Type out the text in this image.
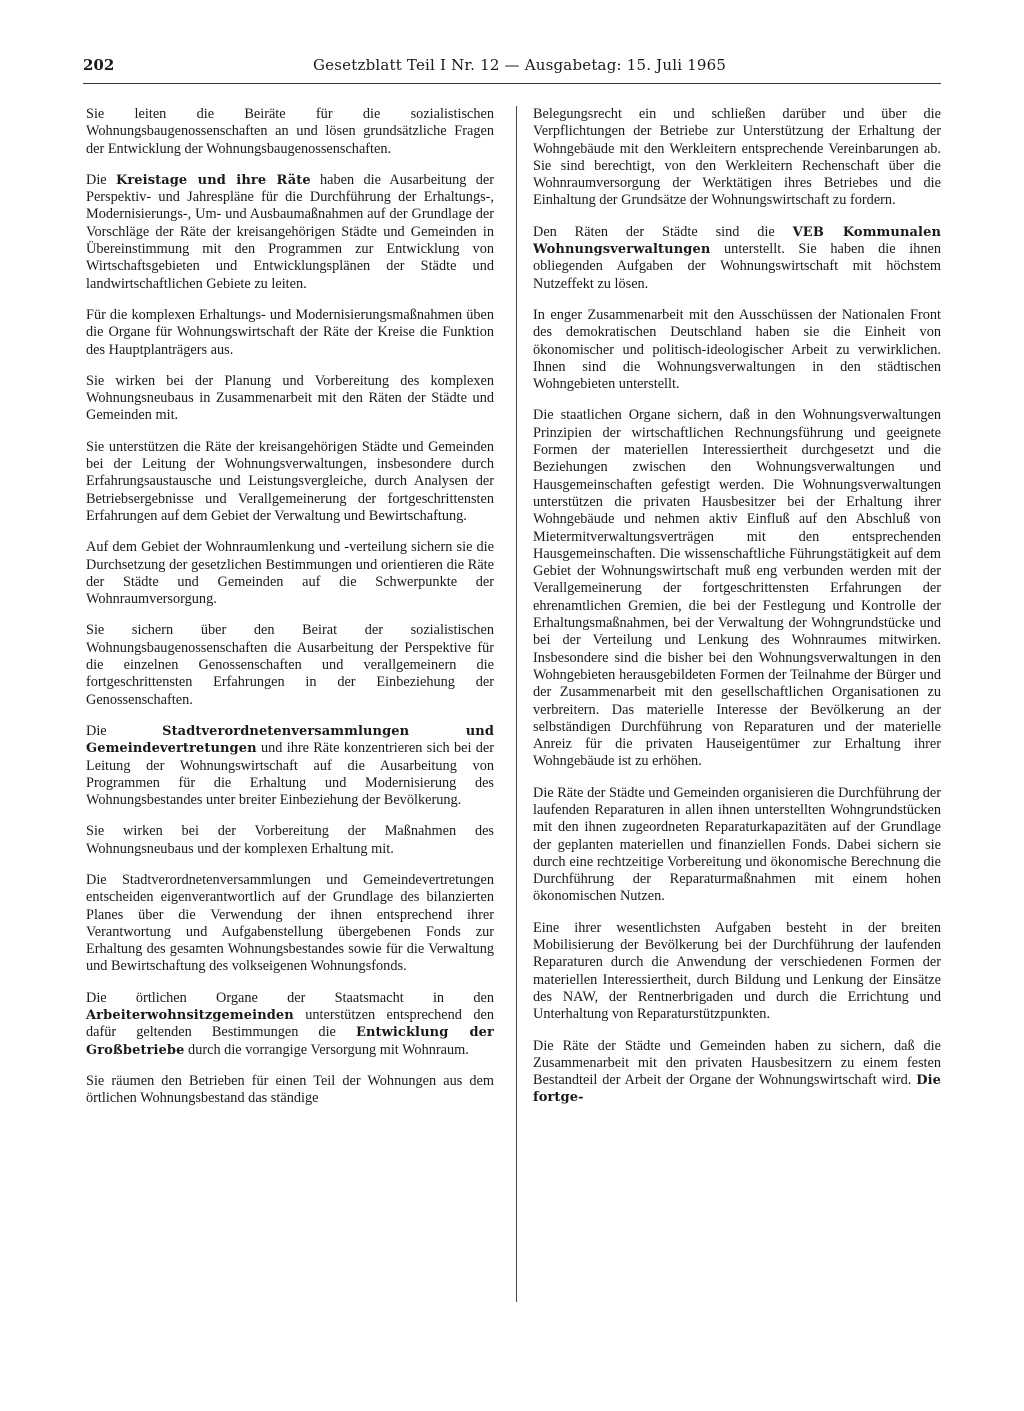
202	Gesetzblatt Teil I Nr. 12 — Ausgabetag: 15. Juli 1965

Sie leiten die Beiräte für die sozialistischen Wohnungsbaugenossenschaften an und lösen grundsätzliche Fragen der Entwicklung der Wohnungsbaugenossenschaften.

Die Kreistage und ihre Räte haben die Ausarbeitung der Perspektiv- und Jahrespläne für die Durchführung der Erhaltungs-, Modernisierungs-, Um- und Ausbaumaßnahmen auf der Grundlage der Vorschläge der Räte der kreisangehörigen Städte und Gemeinden in Übereinstimmung mit den Programmen zur Entwicklung von Wirtschaftsgebieten und Entwicklungsplänen der Städte und landwirtschaftlichen Gebiete zu leiten.

Für die komplexen Erhaltungs- und Modernisierungsmaßnahmen üben die Organe für Wohnungswirtschaft der Räte der Kreise die Funktion des Hauptplanträgers aus.

Sie wirken bei der Planung und Vorbereitung des komplexen Wohnungsneubaus in Zusammenarbeit mit den Räten der Städte und Gemeinden mit.

Sie unterstützen die Räte der kreisangehörigen Städte und Gemeinden bei der Leitung der Wohnungsverwaltungen, insbesondere durch Erfahrungsaustausche und Leistungsvergleiche, durch Analysen der Betriebsergebnisse und Verallgemeinerung der fortgeschrittensten Erfahrungen auf dem Gebiet der Verwaltung und Bewirtschaftung.

Auf dem Gebiet der Wohnraumlenkung und -verteilung sichern sie die Durchsetzung der gesetzlichen Bestimmungen und orientieren die Räte der Städte und Gemeinden auf die Schwerpunkte der Wohnraumversorgung.

Sie sichern über den Beirat der sozialistischen Wohnungsbaugenossenschaften die Ausarbeitung der Perspektive für die einzelnen Genossenschaften und verallgemeinern die fortgeschrittensten Erfahrungen in der Einbeziehung der Genossenschaften.

Die Stadtverordnetenversammlungen und Gemeindevertretungen und ihre Räte konzentrieren sich bei der Leitung der Wohnungswirtschaft auf die Ausarbeitung von Programmen für die Erhaltung und Modernisierung des Wohnungsbestandes unter breiter Einbeziehung der Bevölkerung.

Sie wirken bei der Vorbereitung der Maßnahmen des Wohnungsneubaus und der komplexen Erhaltung mit.

Die Stadtverordnetenversammlungen und Gemeindevertretungen entscheiden eigenverantwortlich auf der Grundlage des bilanzierten Planes über die Verwendung der ihnen entsprechend ihrer Verantwortung und Aufgabenstellung übergebenen Fonds zur Erhaltung des gesamten Wohnungsbestandes sowie für die Verwaltung und Bewirtschaftung des volkseigenen Wohnungsfonds.

Die örtlichen Organe der Staatsmacht in den Arbeiterwohnsitzgemeinden unterstützen entsprechend den dafür geltenden Bestimmungen die Entwicklung der Großbetriebe durch die vorrangige Versorgung mit Wohnraum.

Sie räumen den Betrieben für einen Teil der Wohnungen aus dem örtlichen Wohnungsbestand das ständige

Belegungsrecht ein und schließen darüber und über die Verpflichtungen der Betriebe zur Unterstützung der Erhaltung der Wohngebäude mit den Werkleitern entsprechende Vereinbarungen ab. Sie sind berechtigt, von den Werkleitern Rechenschaft über die Wohnraumversorgung der Werktätigen ihres Betriebes und die Einhaltung der Grundsätze der Wohnungswirtschaft zu fordern.

Den Räten der Städte sind die VEB Kommunalen Wohnungsverwaltungen unterstellt. Sie haben die ihnen obliegenden Aufgaben der Wohnungswirtschaft mit höchstem Nutzeffekt zu lösen.

In enger Zusammenarbeit mit den Ausschüssen der Nationalen Front des demokratischen Deutschland haben sie die Einheit von ökonomischer und politisch-ideologischer Arbeit zu verwirklichen. Ihnen sind die Wohnungsverwaltungen in den städtischen Wohngebieten unterstellt.

Die staatlichen Organe sichern, daß in den Wohnungsverwaltungen Prinzipien der wirtschaftlichen Rechnungsführung und geeignete Formen der materiellen Interessiertheit durchgesetzt und die Beziehungen zwischen den Wohnungsverwaltungen und Hausgemeinschaften gefestigt werden. Die Wohnungsverwaltungen unterstützen die privaten Hausbesitzer bei der Erhaltung ihrer Wohngebäude und nehmen aktiv Einfluß auf den Abschluß von Mietermitverwaltungsverträgen mit den entsprechenden Hausgemeinschaften. Die wissenschaftliche Führungstätigkeit auf dem Gebiet der Wohnungswirtschaft muß eng verbunden werden mit der Verallgemeinerung der fortgeschrittensten Erfahrungen der ehrenamtlichen Gremien, die bei der Festlegung und Kontrolle der Erhaltungsmaßnahmen, bei der Verwaltung der Wohngrundstücke und bei der Verteilung und Lenkung des Wohnraumes mitwirken. Insbesondere sind die bisher bei den Wohnungsverwaltungen in den Wohngebieten herausgebildeten Formen der Teilnahme der Bürger und der Zusammenarbeit mit den gesellschaftlichen Organisationen zu verbreitern. Das materielle Interesse der Bevölkerung an der selbständigen Durchführung von Reparaturen und der materielle Anreiz für die privaten Hauseigentümer zur Erhaltung ihrer Wohngebäude ist zu erhöhen.

Die Räte der Städte und Gemeinden organisieren die Durchführung der laufenden Reparaturen in allen ihnen unterstellten Wohngrundstücken mit den ihnen zugeordneten Reparaturkapazitäten auf der Grundlage der geplanten materiellen und finanziellen Fonds. Dabei sichern sie durch eine rechtzeitige Vorbereitung und ökonomische Berechnung die Durchführung der Reparaturmaßnahmen mit einem hohen ökonomischen Nutzen.

Eine ihrer wesentlichsten Aufgaben besteht in der breiten Mobilisierung der Bevölkerung bei der Durchführung der laufenden Reparaturen durch die Anwendung der verschiedenen Formen der materiellen Interessiertheit, durch Bildung und Lenkung der Einsätze des NAW, der Rentnerbrigaden und durch die Errichtung und Unterhaltung von Reparaturstützpunkten.

Die Räte der Städte und Gemeinden haben zu sichern, daß die Zusammenarbeit mit den privaten Hausbesitzern zu einem festen Bestandteil der Arbeit der Organe der Wohnungswirtschaft wird. Die fortge-
